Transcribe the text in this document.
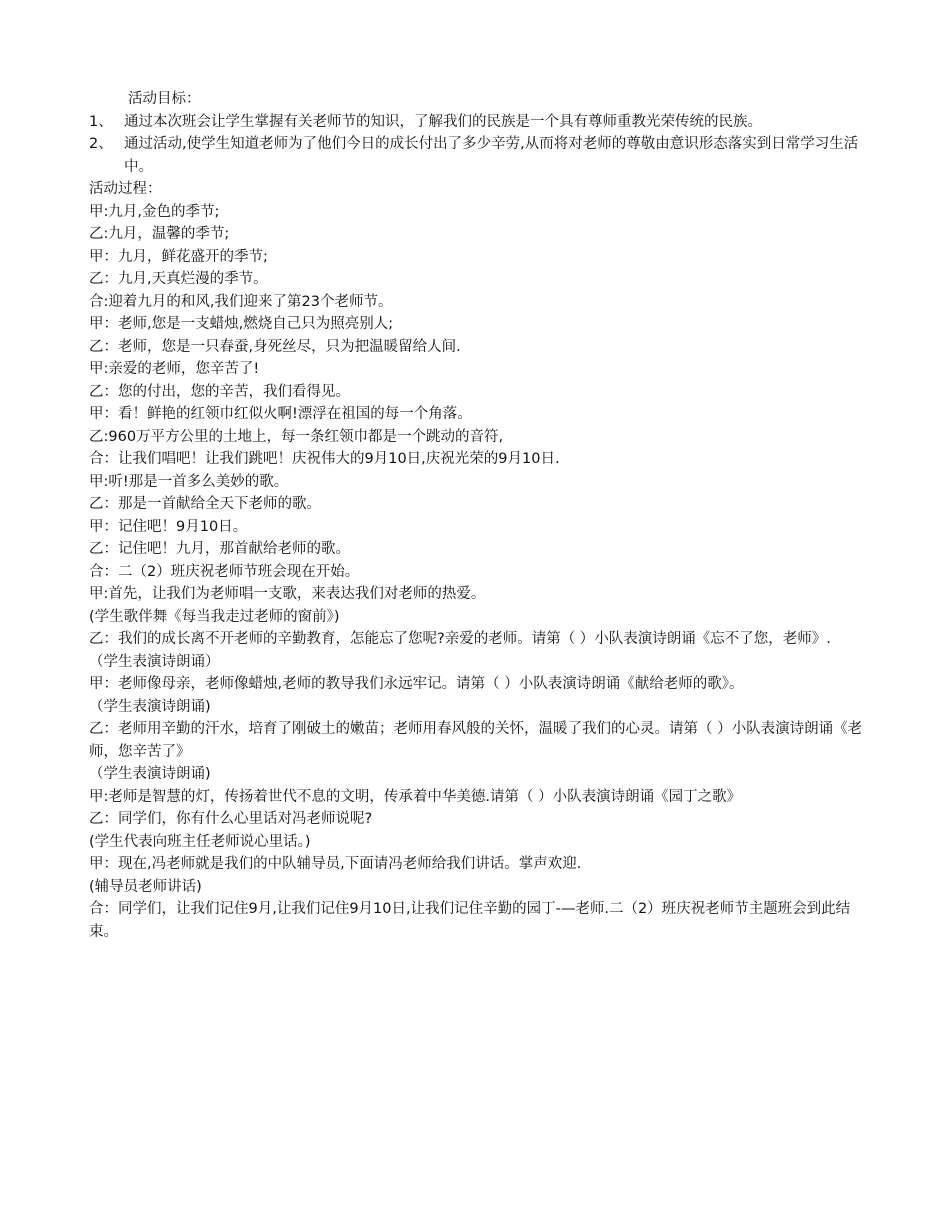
活动目标：

1、 通过本次班会让学生掌握有关老师节的知识，了解我们的民族是一个具有尊师重教光荣传统的民族。
2、 通过活动,使学生知道老师为了他们今日的成长付出了多少辛劳,从而将对老师的尊敬由意识形态落实到日常学习生活中。

活动过程：

甲:九月,金色的季节;

乙:九月，温馨的季节;

甲：九月，鲜花盛开的季节;

乙：九月,天真烂漫的季节。

合:迎着九月的和风,我们迎来了第23个老师节。

甲：老师,您是一支蜡烛,燃烧自己只为照亮别人;

乙：老师，您是一只春蚕,身死丝尽，只为把温暖留给人间.

甲:亲爱的老师，您辛苦了!

乙：您的付出，您的辛苦，我们看得见。

甲：看！鲜艳的红领巾红似火啊!漂浮在祖国的每一个角落。

乙:960万平方公里的土地上，每一条红领巾都是一个跳动的音符,

合：让我们唱吧！让我们跳吧！庆祝伟大的9月10日,庆祝光荣的9月10日.

甲:听!那是一首多么美妙的歌。

乙：那是一首献给全天下老师的歌。

甲：记住吧！9月10日。

乙：记住吧！九月，那首献给老师的歌。

合：二（2）班庆祝老师节班会现在开始。

甲:首先，让我们为老师唱一支歌，来表达我们对老师的热爱。

(学生歌伴舞《每当我走过老师的窗前》)

乙：我们的成长离不开老师的辛勤教育，怎能忘了您呢?亲爱的老师。请第（ ）小队表演诗朗诵《忘不了您，老师》.

（学生表演诗朗诵）

甲：老师像母亲，老师像蜡烛,老师的教导我们永远牢记。请第（ ）小队表演诗朗诵《献给老师的歌》。

（学生表演诗朗诵)

乙：老师用辛勤的汗水，培育了刚破土的嫩苗；老师用春风般的关怀，温暖了我们的心灵。请第（ ）小队表演诗朗诵《老师，您辛苦了》

（学生表演诗朗诵)

甲:老师是智慧的灯，传扬着世代不息的文明，传承着中华美德.请第（ ）小队表演诗朗诵《园丁之歌》

乙：同学们，你有什么心里话对冯老师说呢?

(学生代表向班主任老师说心里话。)

甲：现在,冯老师就是我们的中队辅导员,下面请冯老师给我们讲话。掌声欢迎.

(辅导员老师讲话)

合：同学们，让我们记住9月,让我们记住9月10日,让我们记住辛勤的园丁-—老师.二（2）班庆祝老师节主题班会到此结束。
